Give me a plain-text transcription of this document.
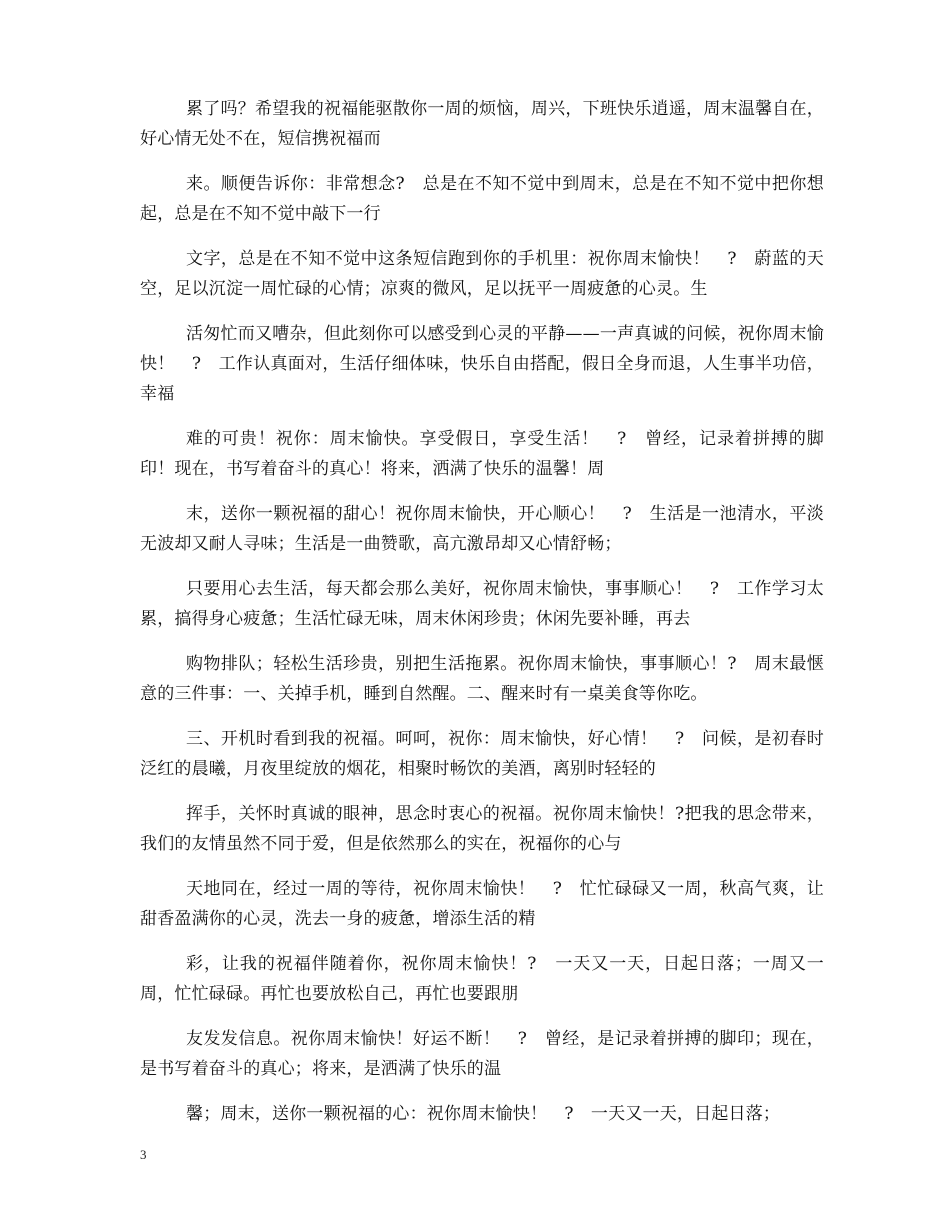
累了吗？希望我的祝福能驱散你一周的烦恼，周兴，下班快乐逍遥，周末温馨自在，好心情无处不在，短信携祝福而

来。顺便告诉你：非常想念?　总是在不知不觉中到周末，总是在不知不觉中把你想起，总是在不知不觉中敲下一行

文字，总是在不知不觉中这条短信跑到你的手机里：祝你周末愉快！　?　蔚蓝的天空，足以沉淀一周忙碌的心情；凉爽的微风，足以抚平一周疲惫的心灵。生

活匆忙而又嘈杂，但此刻你可以感受到心灵的平静——一声真诚的问候，祝你周末愉快！　?　工作认真面对，生活仔细体味，快乐自由搭配，假日全身而退，人生事半功倍，幸福

难的可贵！祝你：周末愉快。享受假日，享受生活！　?　曾经，记录着拼搏的脚印！现在，书写着奋斗的真心！将来，洒满了快乐的温馨！周

末，送你一颗祝福的甜心！祝你周末愉快，开心顺心！　?　生活是一池清水，平淡无波却又耐人寻味；生活是一曲赞歌，高亢激昂却又心情舒畅；

只要用心去生活，每天都会那么美好，祝你周末愉快，事事顺心！　?　工作学习太累，搞得身心疲惫；生活忙碌无味，周末休闲珍贵；休闲先要补睡，再去

购物排队；轻松生活珍贵，别把生活拖累。祝你周末愉快，事事顺心！?　周末最惬意的三件事：一、关掉手机，睡到自然醒。二、醒来时有一桌美食等你吃。

三、开机时看到我的祝福。呵呵，祝你：周末愉快，好心情！　?　问候，是初春时泛红的晨曦，月夜里绽放的烟花，相聚时畅饮的美酒，离别时轻轻的

挥手，关怀时真诚的眼神，思念时衷心的祝福。祝你周末愉快！?把我的思念带来，我们的友情虽然不同于爱，但是依然那么的实在，祝福你的心与

天地同在，经过一周的等待，祝你周末愉快！　?　忙忙碌碌又一周，秋高气爽，让甜香盈满你的心灵，洗去一身的疲惫，增添生活的精

彩，让我的祝福伴随着你，祝你周末愉快！?　一天又一天，日起日落；一周又一周，忙忙碌碌。再忙也要放松自己，再忙也要跟朋

友发发信息。祝你周末愉快！好运不断！　?　曾经，是记录着拼搏的脚印；现在，是书写着奋斗的真心；将来，是洒满了快乐的温

馨；周末，送你一颗祝福的心：祝你周末愉快！　?　一天又一天，日起日落；

3
